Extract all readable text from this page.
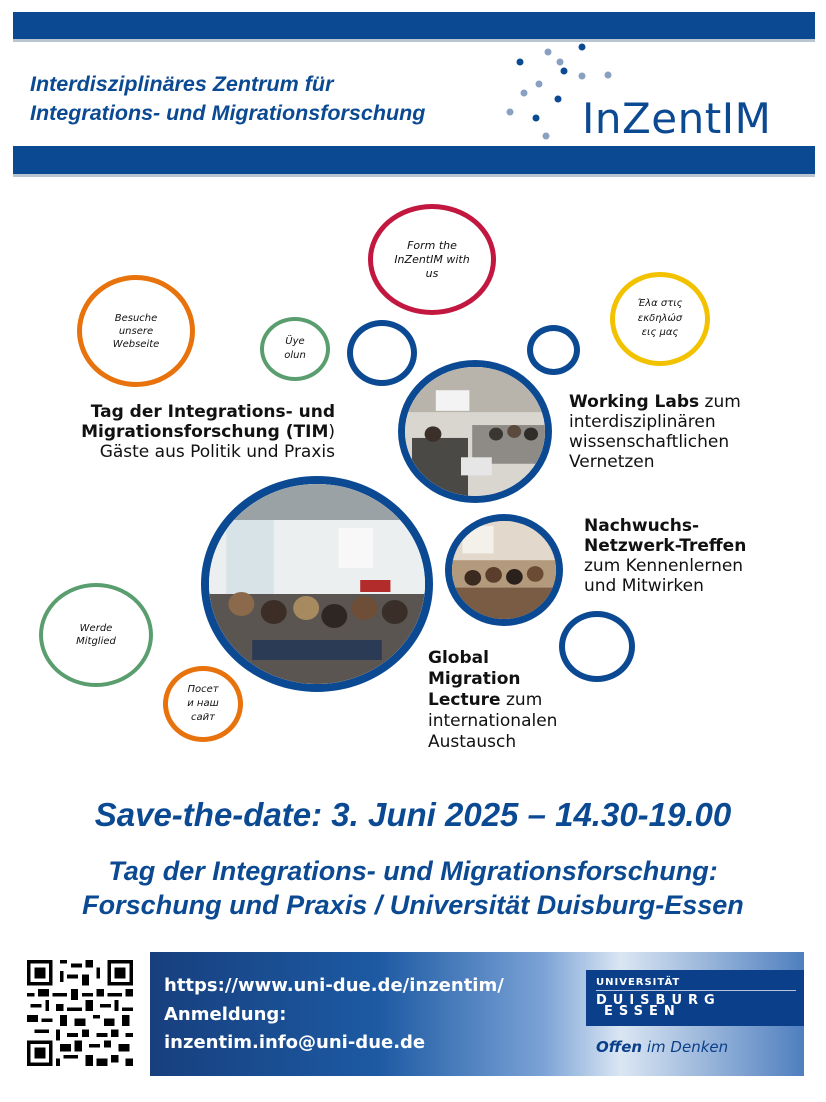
Interdisziplinäres Zentrum für
Integrations- und Migrationsforschung	InZentIM
Form the InZentIM with us
Besuche unsere Webseite	Üye olun
Έλα στις εκδηλώσεις μας
Werde Mitglied
Посети наш сайт
Tag der Integrations- und Migrationsforschung (TIM)
Gäste aus Politik und Praxis
Working Labs zum
interdisziplinären
wissenschaftlichen
Vernetzen
Nachwuchs-
Netzwerk-Treffen
zum Kennenlernen
und Mitwirken
Global
Migration
Lecture zum
internationalen
Austausch
Save-the-date: 3. Juni 2025 – 14.30-19.00
Tag der Integrations- und Migrationsforschung:
Forschung und Praxis / Universität Duisburg-Essen
https://www.uni-due.de/inzentim/
Anmeldung:
inzentim.info@uni-due.de
UNIVERSITÄT
DUISBURG
ESSEN
Offen im Denken
